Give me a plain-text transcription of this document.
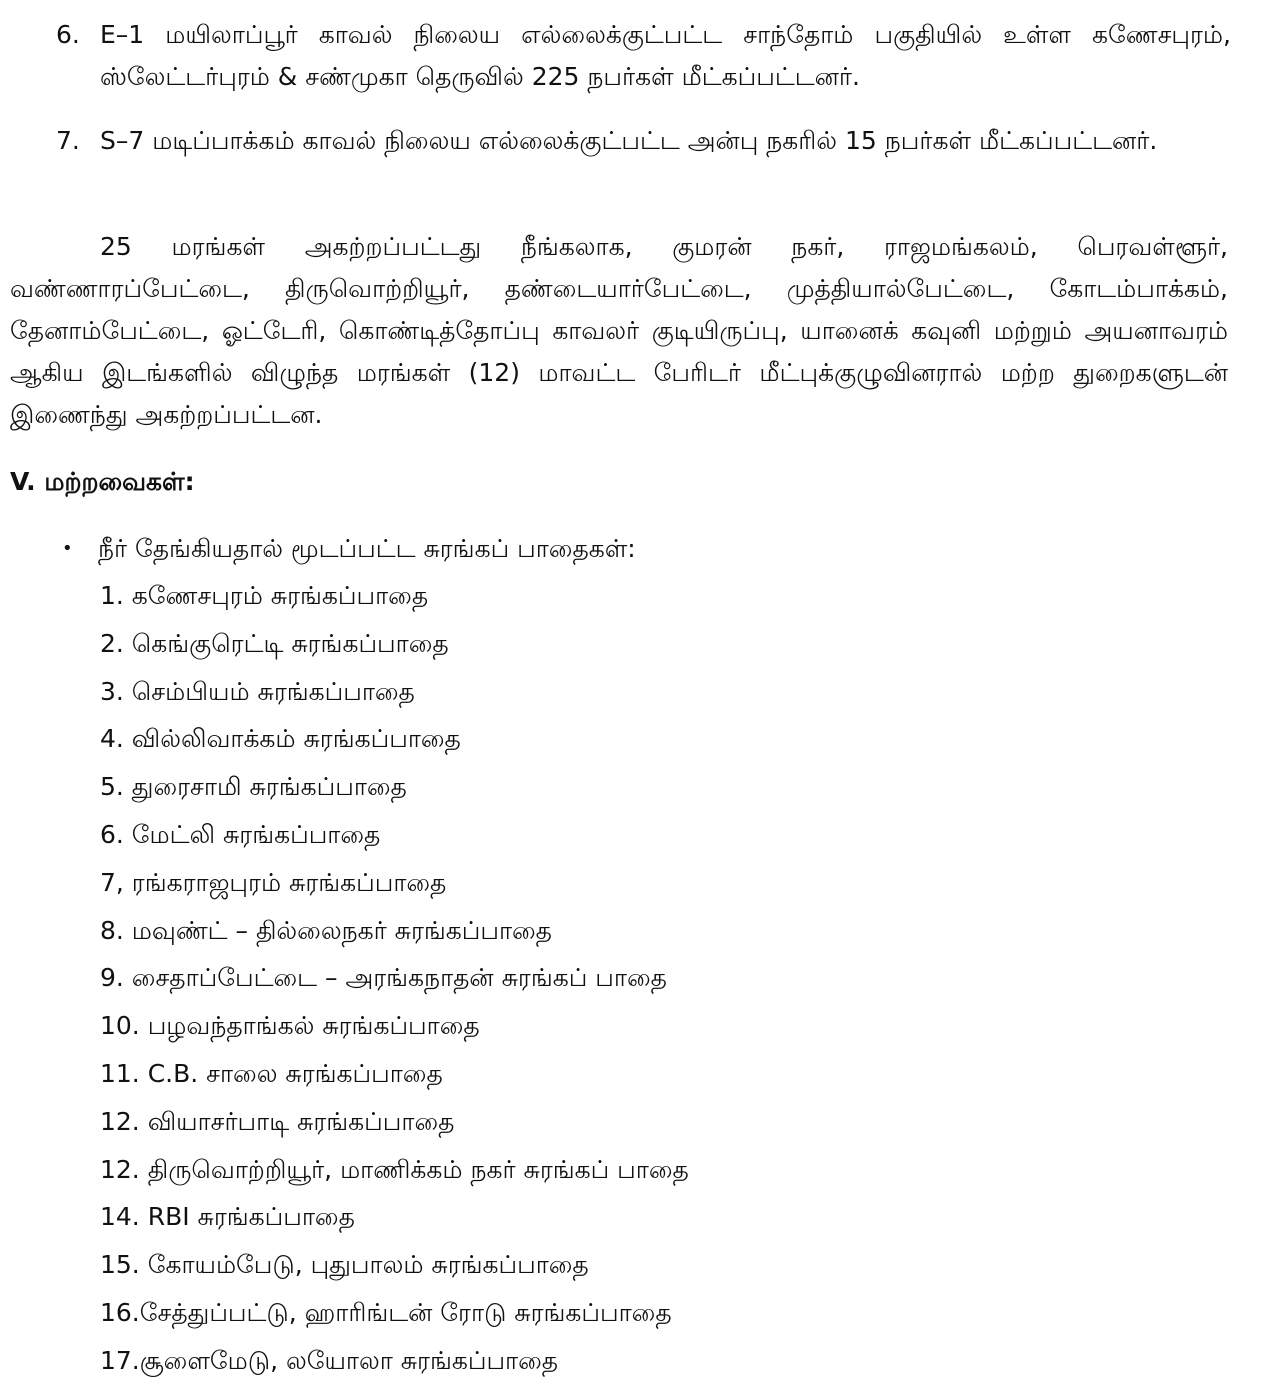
6. E–1 மயிலாப்பூர் காவல் நிலைய எல்லைக்குட்பட்ட சாந்தோம் பகுதியில் உள்ள கணேசபுரம், ஸ்லேட்டர்புரம் & சண்முகா தெருவில் 225 நபர்கள் மீட்கப்பட்டனர்.
7. S–7 மடிப்பாக்கம் காவல் நிலைய எல்லைக்குட்பட்ட அன்பு நகரில் 15 நபர்கள் மீட்கப்பட்டனர்.
25 மரங்கள் அகற்றப்பட்டது நீங்கலாக, குமரன் நகர், ராஜமங்கலம், பெரவள்ளூர், வண்ணாரப்பேட்டை, திருவொற்றியூர், தண்டையார்பேட்டை, முத்தியால்பேட்டை, கோடம்பாக்கம், தேனாம்பேட்டை, ஓட்டேரி, கொண்டித்தோப்பு காவலர் குடியிருப்பு, யானைக் கவுனி மற்றும் அயனாவரம் ஆகிய இடங்களில் விழுந்த மரங்கள் (12) மாவட்ட பேரிடர் மீட்புக்குழுவினரால் மற்ற துறைகளுடன் இணைந்து அகற்றப்பட்டன.
V. மற்றவைகள்:
•	நீர் தேங்கியதால் மூடப்பட்ட சுரங்கப் பாதைகள்:
1. கணேசபுரம் சுரங்கப்பாதை
2. கெங்குரெட்டி சுரங்கப்பாதை
3. செம்பியம் சுரங்கப்பாதை
4. வில்லிவாக்கம் சுரங்கப்பாதை
5. துரைசாமி சுரங்கப்பாதை
6. மேட்லி சுரங்கப்பாதை
7, ரங்கராஜபுரம் சுரங்கப்பாதை
8. மவுண்ட் – தில்லைநகர் சுரங்கப்பாதை
9. சைதாப்பேட்டை – அரங்கநாதன் சுரங்கப் பாதை
10. பழவந்தாங்கல் சுரங்கப்பாதை
11. C.B. சாலை சுரங்கப்பாதை
12. வியாசர்பாடி சுரங்கப்பாதை
12. திருவொற்றியூர், மாணிக்கம் நகர் சுரங்கப் பாதை
14. RBI சுரங்கப்பாதை
15. கோயம்பேடு, புதுபாலம் சுரங்கப்பாதை
16.சேத்துப்பட்டு, ஹாரிங்டன் ரோடு சுரங்கப்பாதை
17.சூளைமேடு, லயோலா சுரங்கப்பாதை
